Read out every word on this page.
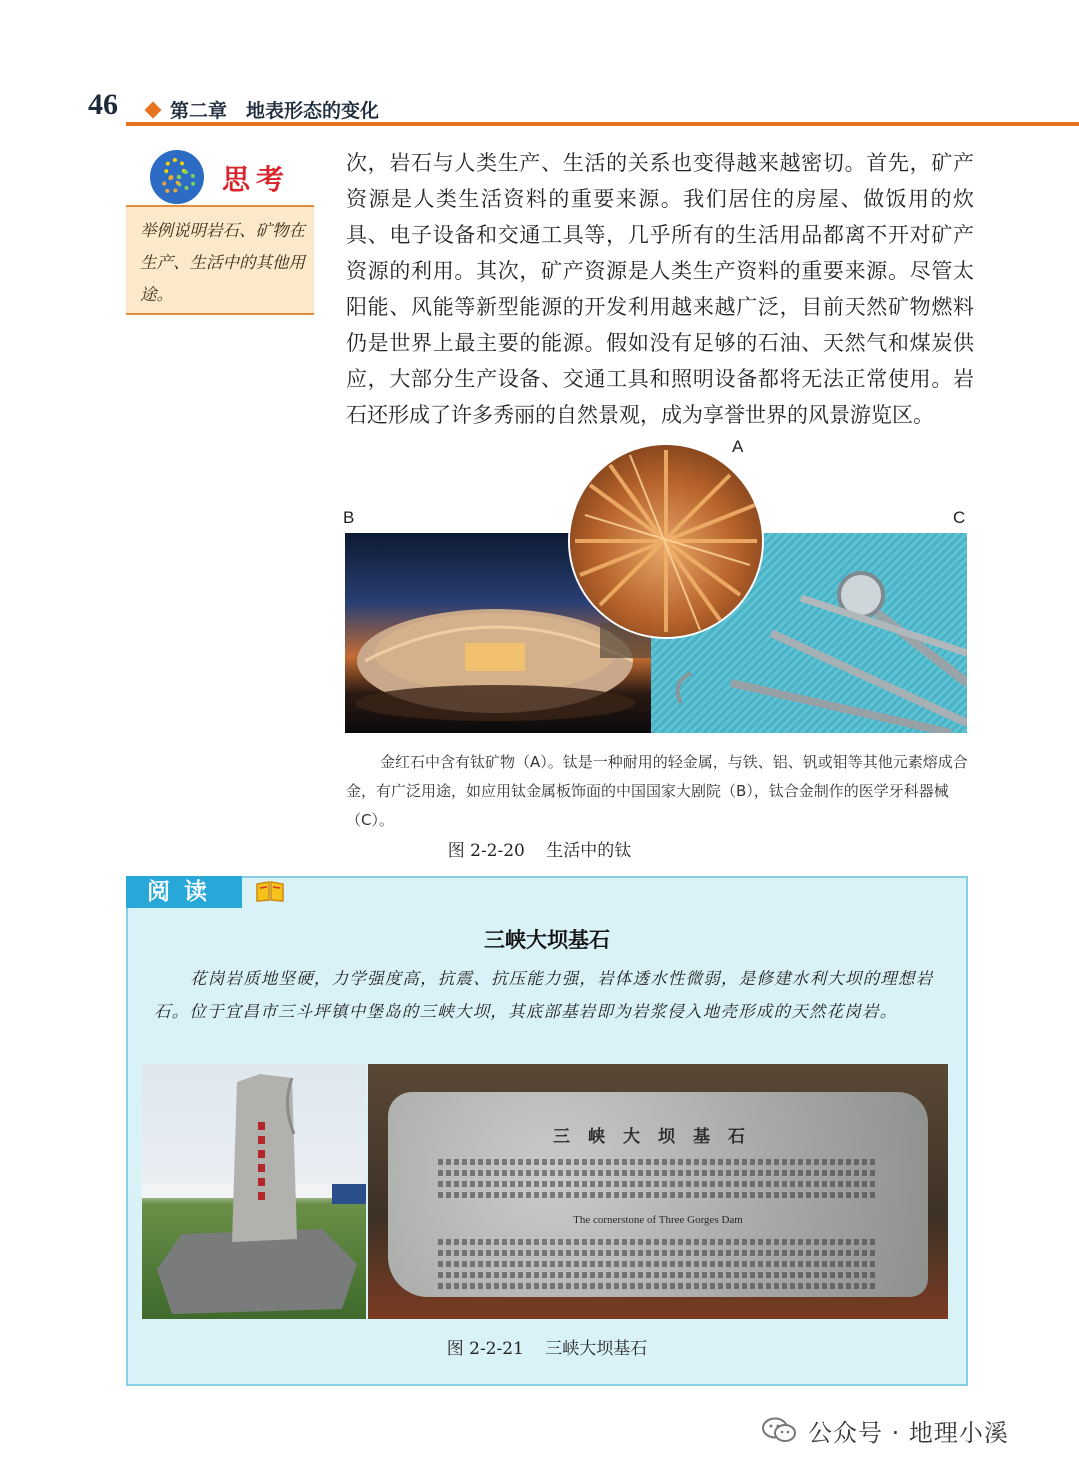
46	第二章　地表形态的变化
思考
举例说明岩石、矿物在生产、生活中的其他用途。
次，岩石与人类生产、生活的关系也变得越来越密切。首先，矿产资源是人类生活资料的重要来源。我们居住的房屋、做饭用的炊具、电子设备和交通工具等，几乎所有的生活用品都离不开对矿产资源的利用。其次，矿产资源是人类生产资料的重要来源。尽管太阳能、风能等新型能源的开发利用越来越广泛，目前天然矿物燃料仍是世界上最主要的能源。假如没有足够的石油、天然气和煤炭供应，大部分生产设备、交通工具和照明设备都将无法正常使用。岩石还形成了许多秀丽的自然景观，成为享誉世界的风景游览区。
A
B	C
金红石中含有钛矿物（A）。钛是一种耐用的轻金属，与铁、铝、钒或钼等其他元素熔成合金，有广泛用途，如应用钛金属板饰面的中国国家大剧院（B），钛合金制作的医学牙科器械（C）。
图 2-2-20 生活中的钛
阅读
三峡大坝基石
花岗岩质地坚硬，力学强度高，抗震、抗压能力强，岩体透水性微弱，是修建水利大坝的理想岩石。位于宜昌市三斗坪镇中堡岛的三峡大坝，其底部基岩即为岩浆侵入地壳形成的天然花岗岩。
三峡大坝基石
The cornerstone of Three Gorges Dam
图 2-2-21 三峡大坝基石
公众号 · 地理小溪
